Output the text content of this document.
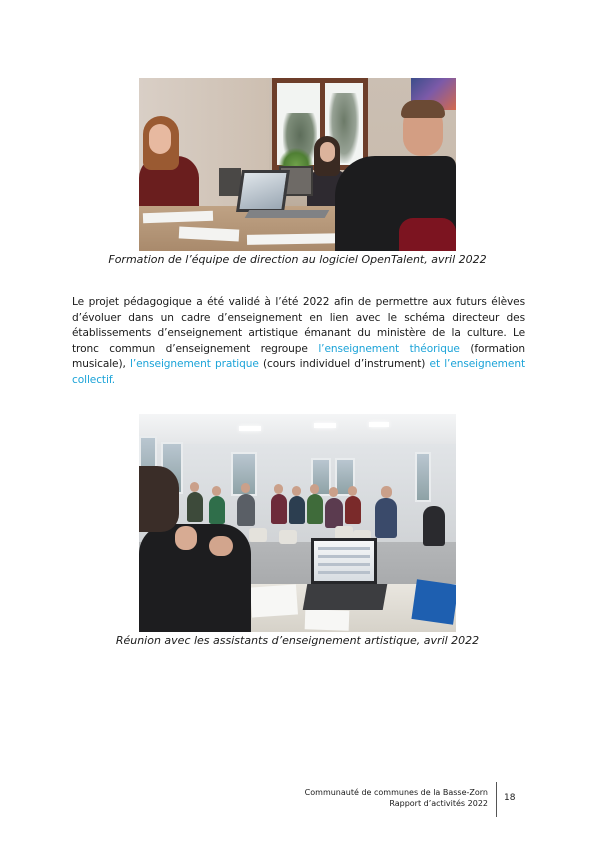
Formation de l’équipe de direction au logiciel OpenTalent, avril 2022

Le projet pédagogique a été validé à l’été 2022 afin de permettre aux futurs élèves d’évoluer dans un cadre d’enseignement en lien avec le schéma directeur des établissements d’enseignement artistique émanant du ministère de la culture. Le tronc commun d’enseignement regroupe l’enseignement théorique (formation musicale), l’enseignement pratique (cours individuel d’instrument) et l’enseignement collectif.

Réunion avec les assistants d’enseignement artistique, avril 2022

Communauté de communes de la Basse-Zorn
Rapport d’activités 2022
18
